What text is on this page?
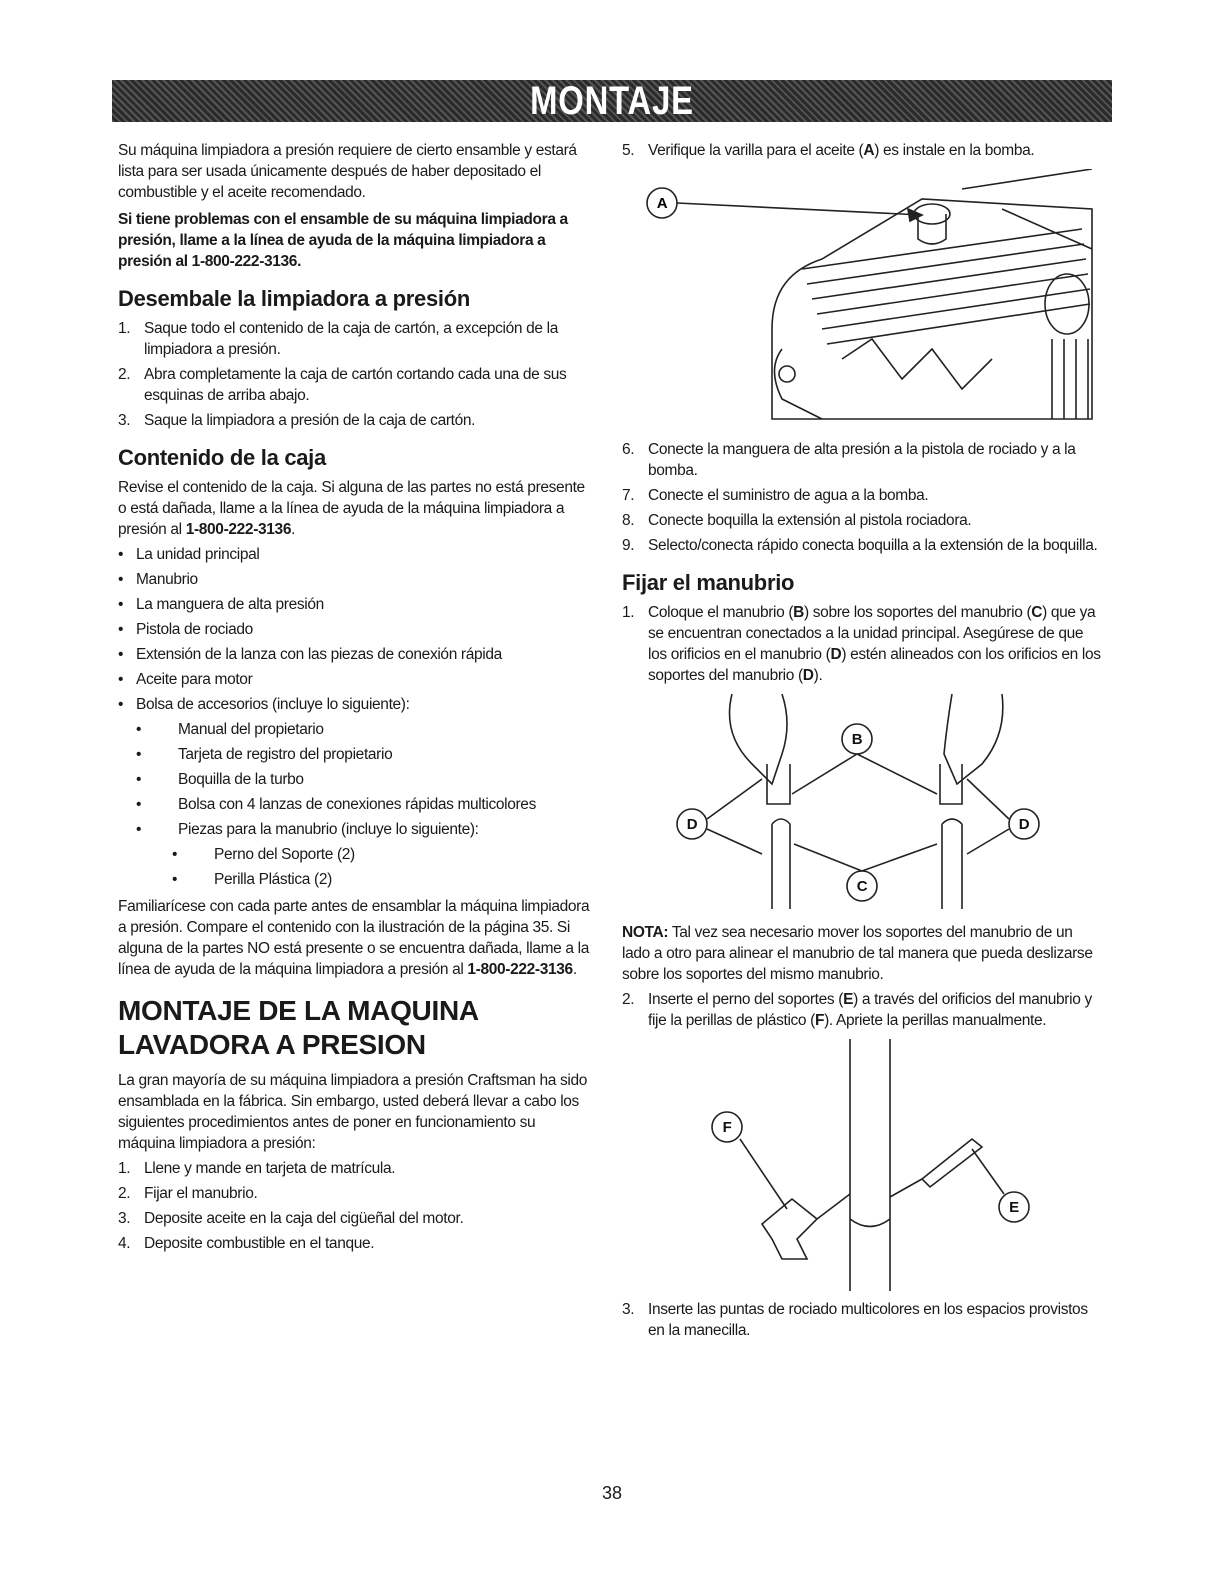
MONTAJE

Su máquina limpiadora a presión requiere de cierto ensamble y estará lista para ser usada únicamente después de haber depositado el combustible y el aceite recomendado.

Si tiene problemas con el ensamble de su máquina limpiadora a presión, llame a la línea de ayuda de la máquina limpiadora a presión al 1-800-222-3136.

Desembale la limpiadora a presión
1. Saque todo el contenido de la caja de cartón, a excepción de la limpiadora a presión.
2. Abra completamente la caja de cartón cortando cada una de sus esquinas de arriba abajo.
3. Saque la limpiadora a presión de la caja de cartón.
Contenido de la caja

Revise el contenido de la caja. Si alguna de las partes no está presente o está dañada, llame a la línea de ayuda de la máquina limpiadora a presión al 1-800-222-3136.

• La unidad principal
• Manubrio
• La manguera de alta presión
• Pistola de rociado
• Extensión de la lanza con las piezas de conexión rápida
• Aceite para motor
• Bolsa de accesorios (incluye lo siguiente):
•	Manual del propietario
•	Tarjeta de registro del propietario
•	Boquilla de la turbo
•	Bolsa con 4 lanzas de conexiones rápidas multicolores
•	Piezas para la manubrio (incluye lo siguiente):
•	Perno del Soporte (2)
•	Perilla Plástica (2)

Familiarícese con cada parte antes de ensamblar la máquina limpiadora a presión. Compare el contenido con la ilustración de la página 35. Si alguna de la partes NO está presente o se encuentra dañada, llame a la línea de ayuda de la máquina limpiadora a presión al 1-800-222-3136.

MONTAJE DE LA MAQUINA LAVADORA A PRESION

La gran mayoría de su máquina limpiadora a presión Craftsman ha sido ensamblada en la fábrica. Sin embargo, usted deberá llevar a cabo los siguientes procedimientos antes de poner en funcionamiento su máquina limpiadora a presión:

1. Llene y mande en tarjeta de matrícula.
2. Fijar el manubrio.
3. Deposite aceite en la caja del cigüeñal del motor.
4. Deposite combustible en el tanque.
5. Verifique la varilla para el aceite (A) es instale en la bomba.
A
6. Conecte la manguera de alta presión a la pistola de rociado y a la bomba.
7. Conecte el suministro de agua a la bomba.
8. Conecte boquilla la extensión al pistola rociadora.
9. Selecto/conecta rápido conecta boquilla a la extensión de la boquilla.
Fijar el manubrio
1. Coloque el manubrio (B) sobre los soportes del manubrio (C) que ya se encuentran conectados a la unidad principal. Asegúrese de que los orificios en el manubrio (D) estén alineados con los orificios en los soportes del manubrio (D).
B
D	D
C

NOTA: Tal vez sea necesario mover los soportes del manubrio de un lado a otro para alinear el manubrio de tal manera que pueda deslizarse sobre los soportes del mismo manubrio.

2. Inserte el perno del soportes (E) a través del orificios del manubrio y fije la perillas de plástico (F). Apriete la perillas manualmente.
F
E
3. Inserte las puntas de rociado multicolores en los espacios provistos en la manecilla.
38
